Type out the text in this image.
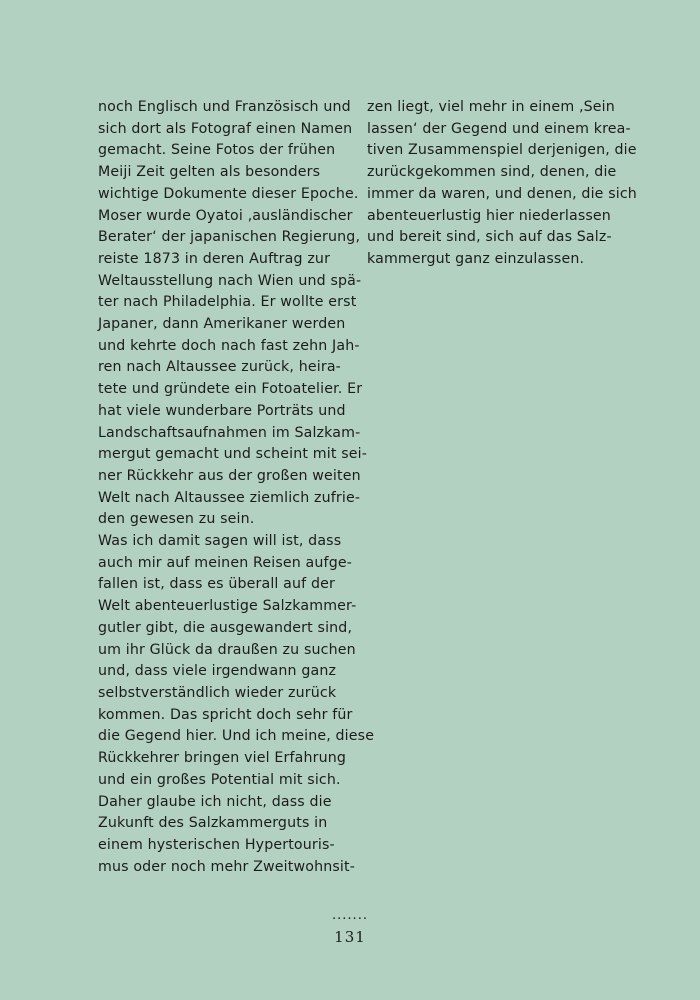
noch Englisch und Französisch und
sich dort als Fotograf einen Namen
gemacht. Seine Fotos der frühen
Meiji Zeit gelten als besonders
wichtige Dokumente dieser Epoche.
Moser wurde Oyatoi ‚ausländischer
Berater‘ der japanischen Regierung,
reiste 1873 in deren Auftrag zur
Weltausstellung nach Wien und spä-
ter nach Philadelphia. Er wollte erst
Japaner, dann Amerikaner werden
und kehrte doch nach fast zehn Jah-
ren nach Altaussee zurück, heira-
tete und gründete ein Fotoatelier. Er
hat viele wunderbare Porträts und
Landschaftsaufnahmen im Salzkam-
mergut gemacht und scheint mit sei-
ner Rückkehr aus der großen weiten
Welt nach Altaussee ziemlich zufrie-
den gewesen zu sein.
Was ich damit sagen will ist, dass
auch mir auf meinen Reisen aufge-
fallen ist, dass es überall auf der
Welt abenteuerlustige Salzkammer-
gutler gibt, die ausgewandert sind,
um ihr Glück da draußen zu suchen
und, dass viele irgendwann ganz
selbstverständlich wieder zurück
kommen. Das spricht doch sehr für
die Gegend hier. Und ich meine, diese
Rückkehrer bringen viel Erfahrung
und ein großes Potential mit sich.
Daher glaube ich nicht, dass die
Zukunft des Salzkammerguts in
einem hysterischen Hypertouris-
mus oder noch mehr Zweitwohnsit-
zen liegt, viel mehr in einem ‚Sein
lassen‘ der Gegend und einem krea-
tiven Zusammenspiel derjenigen, die
zurückgekommen sind, denen, die
immer da waren, und denen, die sich
abenteuerlustig hier niederlassen
und bereit sind, sich auf das Salz-
kammergut ganz einzulassen.
.......
131
